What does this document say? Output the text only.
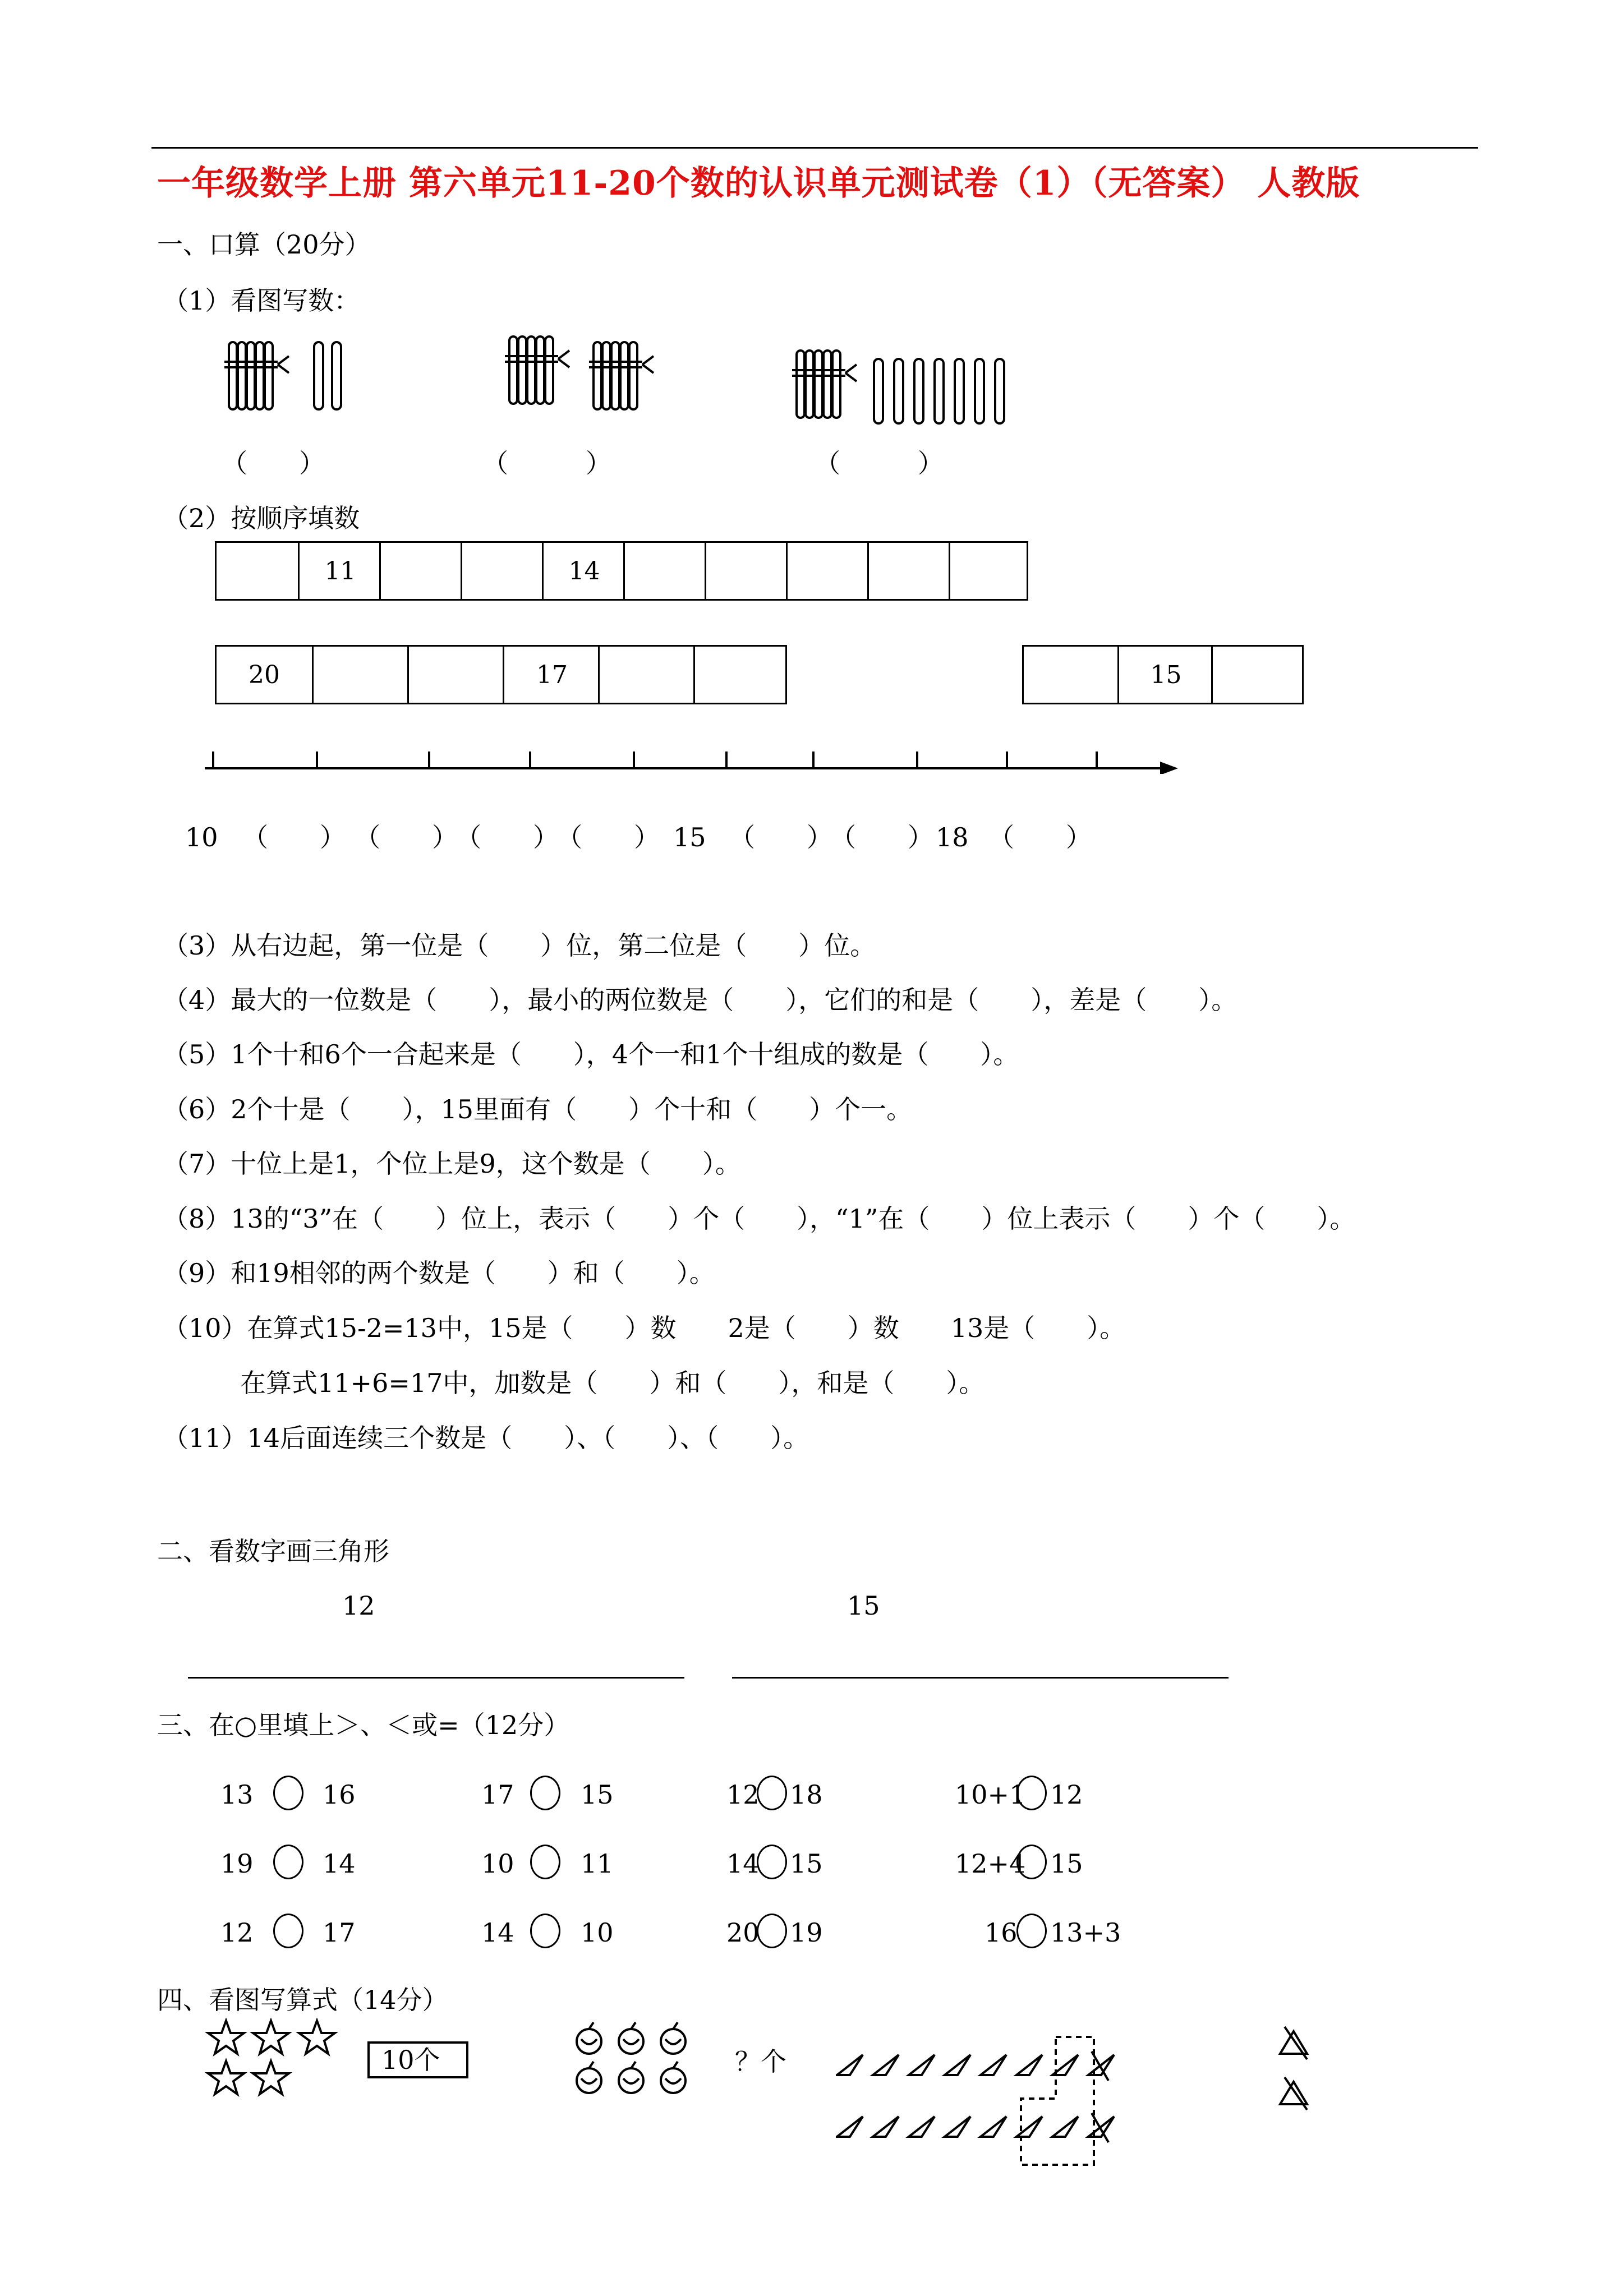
一年级数学上册 第六单元11-20个数的认识单元测试卷（1）（无答案） 人教版
一、口算（20分）
（1）看图写数：
（　　）	（　　　）	（　　　）
（2）按顺序填数
11	14
20	17	15
10 （　　） （　　）
（　　）
（　　） 15 （　　）
（　　） 18 （　　）
（3）从右边起，第一位是（　　）位，第二位是（　　）位。
（4）最大的一位数是（　　），最小的两位数是（　　），它们的和是（　　），差是（　　）。
（5）1个十和6个一合起来是（　　），4个一和1个十组成的数是（　　）。
（6）2个十是（　　），15里面有（　　）个十和（　　）个一。
（7）十位上是1，个位上是9，这个数是（　　）。
（8）13的“3”在（　　）位上，表示（　　）个（　　），“1”在（　　）位上表示（　　）个（　　）。
（9）和19相邻的两个数是（　　）和（　　）。
（10）在算式15-2=13中，15是（　　）数　　2是（　　）数　　13是（　　）。
　　　在算式11+6=17中，加数是（　　）和（　　），和是（　　）。
（11）14后面连续三个数是（　　）、（　　）、（　　）。
二、看数字画三角形
12	15
三、在○里填上＞、＜或=（12分）
13	16	17	15	12 18	10+1 12
19	14	10	11	14 15	12+4 15
12	17	14	10	20 19	16 13+3
四、看图写算式（14分）
10个	？个
